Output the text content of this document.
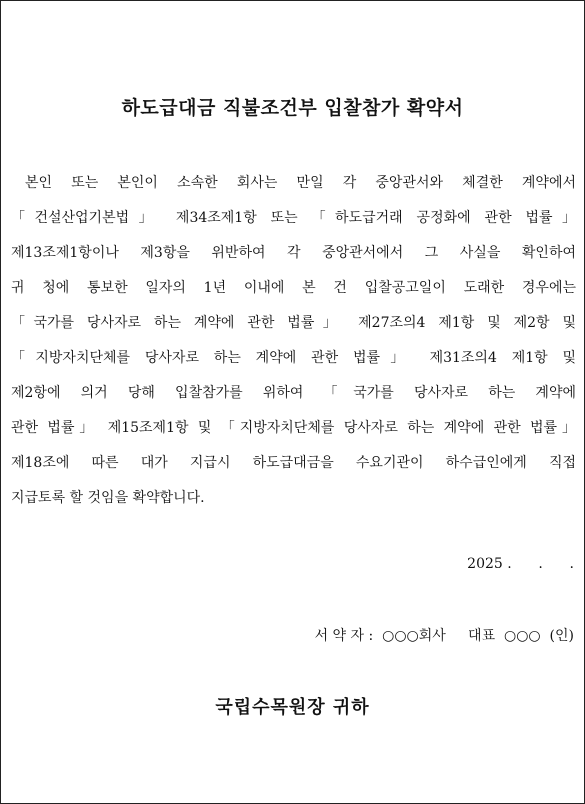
하도급대금 직불조건부 입찰참가 확약서
본인 또는 본인이 소속한 회사는 만일 각 중앙관서와 체결한 계약에서
「건설산업기본법」 제34조제1항 또는 「하도급거래 공정화에 관한 법률」
제13조제1항이나 제3항을 위반하여 각 중앙관서에서 그 사실을 확인하여
귀 청에 통보한 일자의 1년 이내에 본 건 입찰공고일이 도래한 경우에는
「국가를 당사자로 하는 계약에 관한 법률」 제27조의4 제1항 및 제2항 및
「지방자치단체를 당사자로 하는 계약에 관한 법률」 제31조의4 제1항 및
제2항에 의거 당해 입찰참가를 위하여 「국가를 당사자로 하는 계약에
관한 법률」 제15조제1항 및 「지방자치단체를 당사자로 하는 계약에 관한 법률」
제18조에 따른 대가 지급시 하도급대금을 수요기관이 하수급인에게 직접
지급토록 할 것임을 확약합니다.
2025 .      .      .
서 약 자 :  ○○○회사     대표  ○○○  (인)
국립수목원장 귀하
